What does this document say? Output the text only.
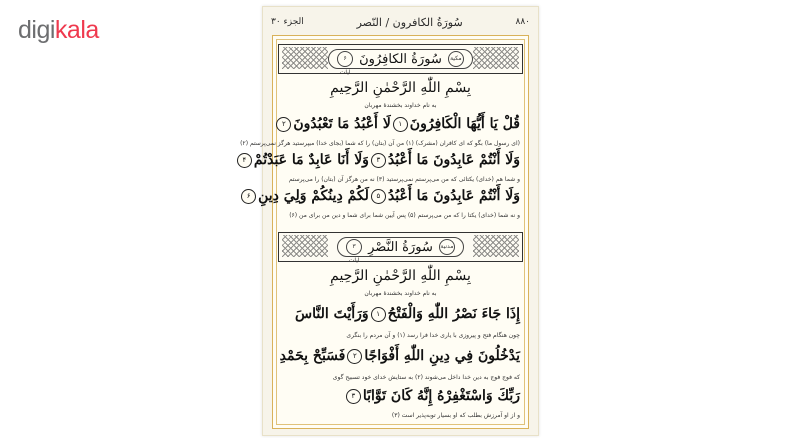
digikala	۸۸۰
سُورَةُ الكافرون / النّصر
الجزء ۳۰
مکیة
سُورَةُ الكافِرُونَ
۶ آیات
بِسْمِ اللّٰهِ الرَّحْمٰنِ الرَّحِيمِ
به نام خداوند بخشندهٔ مهربان
قُلْ يَا أَيُّهَا الْكَافِرُونَ۱لَا أَعْبُدُ مَا تَعْبُدُونَ۲
(ای رسول ما) بگو که ای کافران (مشرک) (۱) من آن (بتان) را که شما (بجای خدا) میپرستید هرگز نمی‌پرستم (۲)
وَلَا أَنْتُمْ عَابِدُونَ مَا أَعْبُدُ۳وَلَا أَنَا عَابِدٌ مَا عَبَدْتُمْ۴
و شما هم (خدای) یکتائی که من می‌پرستم نمی‌پرستید (۳) نه من هرگز آن (بتان) را می‌پرستم
وَلَا أَنْتُمْ عَابِدُونَ مَا أَعْبُدُ۵لَكُمْ دِينُكُمْ وَلِيَ دِينِ۶
و نه شما (خدای) یکتا را که من می‌پرستم (۵) پس آیین شما برای شما و دین من برای من (۶)
مدنیة
سُورَةُ النَّصْرِ
۳ آیات
بِسْمِ اللّٰهِ الرَّحْمٰنِ الرَّحِيمِ
به نام خداوند بخشندهٔ مهربان
إِذَا جَاءَ نَصْرُ اللّٰهِ وَالْفَتْحُ۱وَرَأَيْتَ النَّاسَ
چون هنگام فتح و پیروزی با یاری خدا فرا رسد (۱) و آن مردم را بنگری
يَدْخُلُونَ فِي دِينِ اللّٰهِ أَفْوَاجًا۲فَسَبِّحْ بِحَمْدِ
که فوج فوج به دین خدا داخل می‌شوند (۲) به ستایش خدای خود تسبیح گوی
رَبِّكَ وَاسْتَغْفِرْهُ إِنَّهُ كَانَ تَوَّابًا۳
و از او آمرزش بطلب که او بسیار توبه‌پذیر است (۳)
